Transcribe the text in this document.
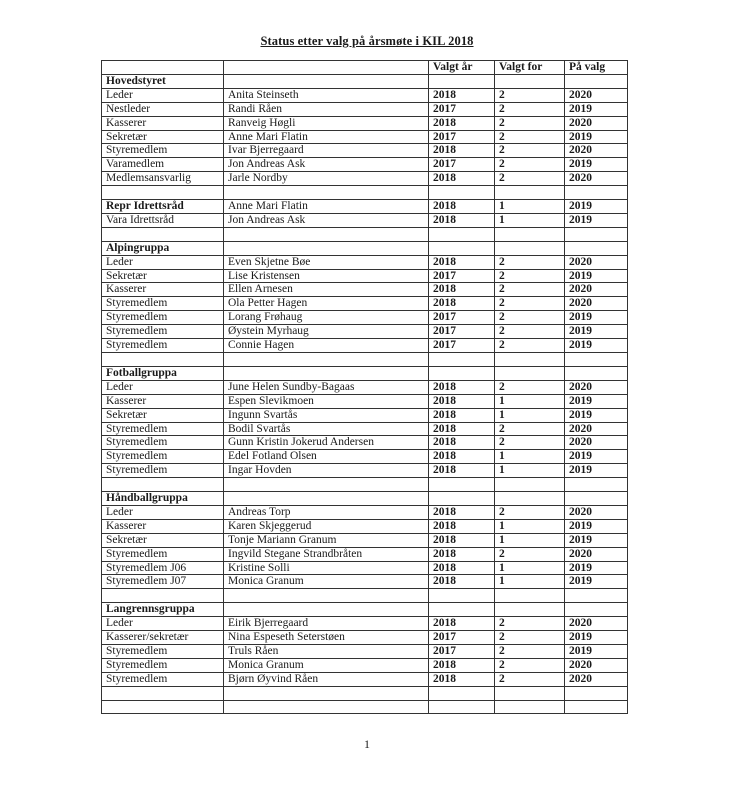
Status etter valg på årsmøte i KIL 2018
		Valgt år	Valgt for	På valg
Hovedstyret				
Leder	Anita Steinseth	2018	2	2020
Nestleder	Randi Råen	2017	2	2019
Kasserer	Ranveig Høgli	2018	2	2020
Sekretær	Anne Mari Flatin	2017	2	2019
Styremedlem	Ivar Bjerregaard	2018	2	2020
Varamedlem	Jon Andreas Ask	2017	2	2019
Medlemsansvarlig	Jarle Nordby	2018	2	2020

Repr Idrettsråd	Anne Mari Flatin	2018	1	2019
Vara Idrettsråd	Jon Andreas Ask	2018	1	2019

Alpingruppa				
Leder	Even Skjetne Bøe	2018	2	2020
Sekretær	Lise Kristensen	2017	2	2019
Kasserer	Ellen Arnesen	2018	2	2020
Styremedlem	Ola Petter Hagen	2018	2	2020
Styremedlem	Lorang Frøhaug	2017	2	2019
Styremedlem	Øystein Myrhaug	2017	2	2019
Styremedlem	Connie Hagen	2017	2	2019

Fotballgruppa				
Leder	June Helen Sundby-Bagaas	2018	2	2020
Kasserer	Espen Slevikmoen	2018	1	2019
Sekretær	Ingunn Svartås	2018	1	2019
Styremedlem	Bodil Svartås	2018	2	2020
Styremedlem	Gunn Kristin Jokerud Andersen	2018	2	2020
Styremedlem	Edel Fotland Olsen	2018	1	2019
Styremedlem	Ingar Hovden	2018	1	2019

Håndballgruppa				
Leder	Andreas Torp	2018	2	2020
Kasserer	Karen Skjeggerud	2018	1	2019
Sekretær	Tonje Mariann Granum	2018	1	2019
Styremedlem	Ingvild Stegane Strandbråten	2018	2	2020
Styremedlem J06	Kristine Solli	2018	1	2019
Styremedlem J07	Monica Granum	2018	1	2019

Langrennsgruppa				
Leder	Eirik Bjerregaard	2018	2	2020
Kasserer/sekretær	Nina Espeseth Seterstøen	2017	2	2019
Styremedlem	Truls Råen	2017	2	2019
Styremedlem	Monica Granum	2018	2	2020
Styremedlem	Bjørn Øyvind Råen	2018	2	2020

1
